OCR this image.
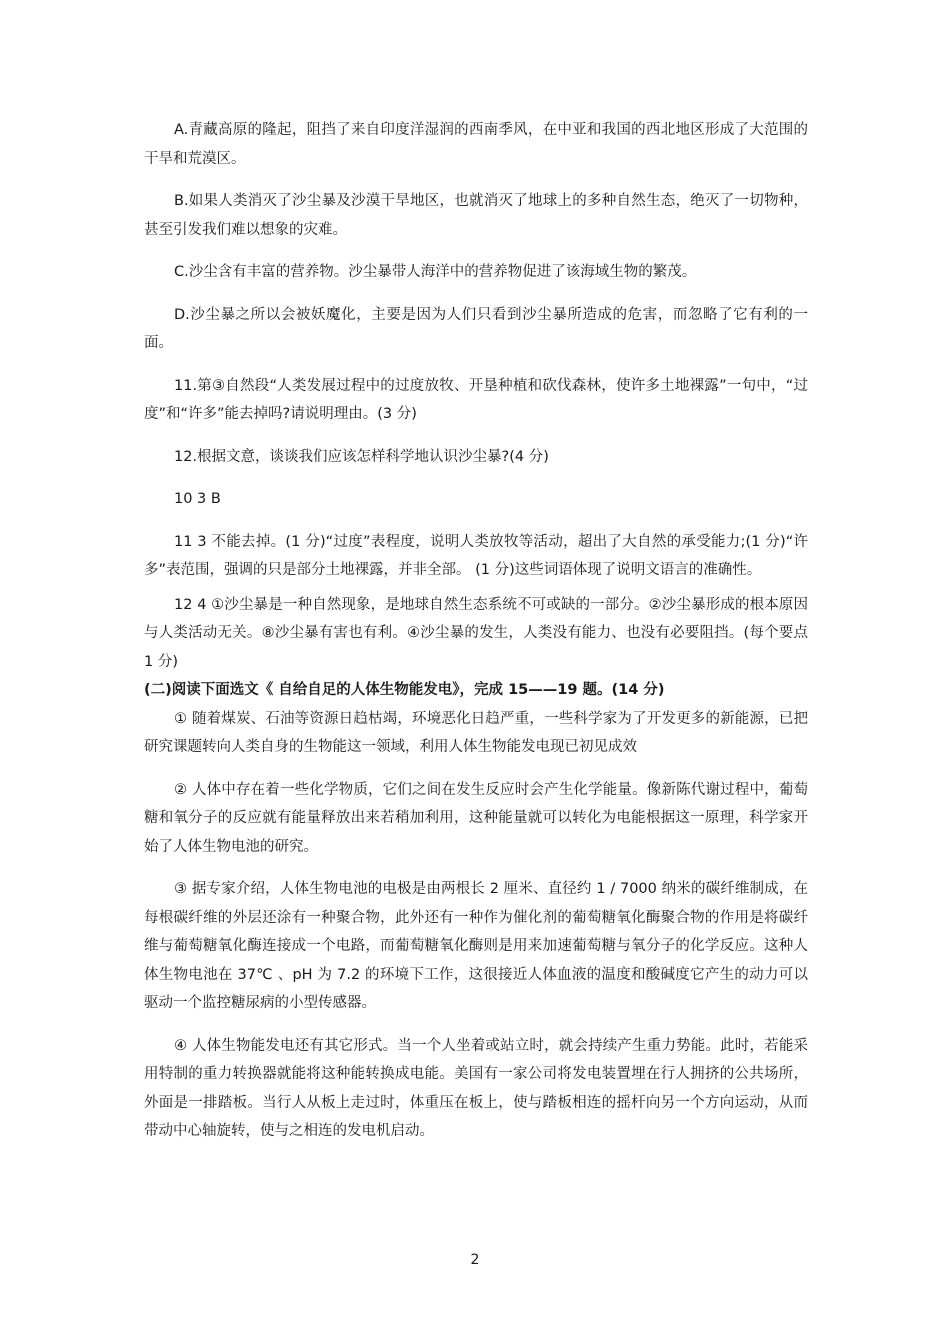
A.青藏高原的隆起，阻挡了来自印度洋湿润的西南季风，在中亚和我国的西北地区形成了大范围的干旱和荒漠区。

B.如果人类消灭了沙尘暴及沙漠干旱地区，也就消灭了地球上的多种自然生态，绝灭了一切物种，甚至引发我们难以想象的灾难。

C.沙尘含有丰富的营养物。沙尘暴带人海洋中的营养物促进了该海域生物的繁茂。

D.沙尘暴之所以会被妖魔化，主要是因为人们只看到沙尘暴所造成的危害，而忽略了它有利的一面。

11.第③自然段“人类发展过程中的过度放牧、开垦种植和砍伐森林，使许多土地裸露”一句中，“过度”和“许多”能去掉吗?请说明理由。(3 分)

12.根据文意，谈谈我们应该怎样科学地认识沙尘暴?(4 分)

10 3 B

11 3 不能去掉。(1 分)“过度”表程度，说明人类放牧等活动，超出了大自然的承受能力;(1 分)“许多”表范围，强调的只是部分土地裸露，并非全部。 (1 分)这些词语体现了说明文语言的准确性。

12 4 ①沙尘暴是一种自然现象，是地球自然生态系统不可或缺的一部分。②沙尘暴形成的根本原因与人类活动无关。⑧沙尘暴有害也有利。④沙尘暴的发生，人类没有能力、也没有必要阻挡。(每个要点 1 分)

(二)阅读下面选文《 自给自足的人体生物能发电》，完成 15——19 题。(14 分)

① 随着煤炭、石油等资源日趋枯竭，环境恶化日趋严重，一些科学家为了开发更多的新能源，已把研究课题转向人类自身的生物能这一领域，利用人体生物能发电现已初见成效

② 人体中存在着一些化学物质，它们之间在发生反应时会产生化学能量。像新陈代谢过程中，葡萄糖和氧分子的反应就有能量释放出来若稍加利用，这种能量就可以转化为电能根据这一原理，科学家开始了人体生物电池的研究。

③ 据专家介绍，人体生物电池的电极是由两根长 2 厘米、直径约 1 / 7000 纳米的碳纤维制成，在每根碳纤维的外层还涂有一种聚合物，此外还有一种作为催化剂的葡萄糖氧化酶聚合物的作用是将碳纤维与葡萄糖氧化酶连接成一个电路，而葡萄糖氧化酶则是用来加速葡萄糖与氧分子的化学反应。这种人体生物电池在 37℃ 、pH 为 7.2 的环境下工作，这很接近人体血液的温度和酸碱度它产生的动力可以驱动一个监控糖尿病的小型传感器。

④ 人体生物能发电还有其它形式。当一个人坐着或站立时，就会持续产生重力势能。此时，若能采用特制的重力转换器就能将这种能转换成电能。美国有一家公司将发电装置埋在行人拥挤的公共场所，外面是一排踏板。当行人从板上走过时，体重压在板上，使与踏板相连的摇杆向另一个方向运动，从而带动中心轴旋转，使与之相连的发电机启动。

2
